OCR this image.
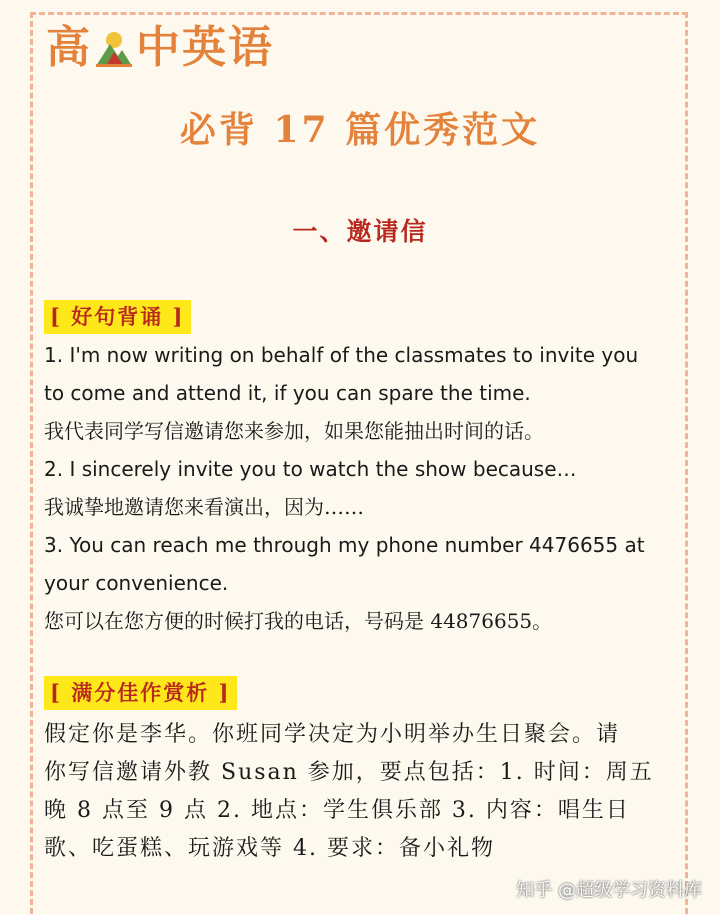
高 中英语
必背 17 篇优秀范文
一、邀请信
[ 好句背诵 ]
1. I'm now writing on behalf of the classmates to invite you
to come and attend it, if you can spare the time.
我代表同学写信邀请您来参加，如果您能抽出时间的话。
2. I sincerely invite you to watch the show because…
我诚挚地邀请您来看演出，因为……
3. You can reach me through my phone number 4476655 at
your convenience.
您可以在您方便的时候打我的电话，号码是 44876655。
[ 满分佳作赏析 ]
假定你是李华。你班同学决定为小明举办生日聚会。请
你写信邀请外教 Susan 参加，要点包括：1. 时间：周五
晚 8 点至 9 点 2. 地点：学生俱乐部 3. 内容：唱生日
歌、吃蛋糕、玩游戏等 4. 要求：备小礼物
知乎 @超级学习资料库
